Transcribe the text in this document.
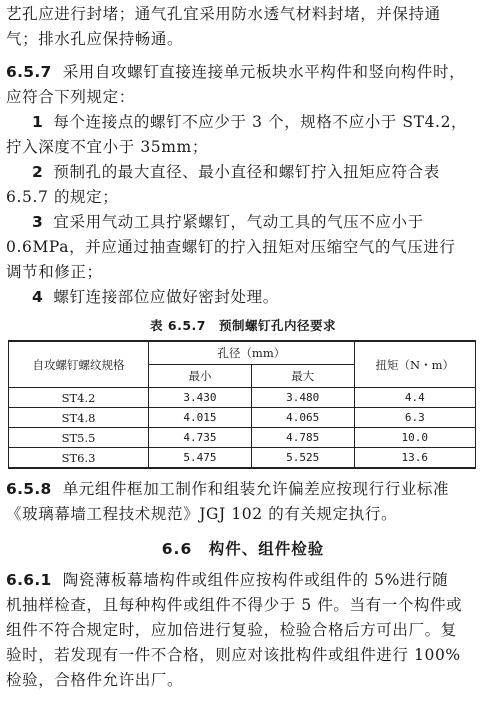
艺孔应进行封堵；通气孔宜采用防水透气材料封堵，并保持通
气；排水孔应保持畅通。
6.5.7 采用自攻螺钉直接连接单元板块水平构件和竖向构件时，
应符合下列规定：
1 每个连接点的螺钉不应少于 3 个，规格不应小于 ST4.2，
拧入深度不宜小于 35mm；
2 预制孔的最大直径、最小直径和螺钉拧入扭矩应符合表
6.5.7 的规定；
3 宜采用气动工具拧紧螺钉，气动工具的气压不应小于
0.6MPa，并应通过抽查螺钉的拧入扭矩对压缩空气的气压进行
调节和修正；
4 螺钉连接部位应做好密封处理。
表 6.5.7　预制螺钉孔内径要求
自攻螺钉螺纹规格	孔径（mm）		扭矩（N・m）
	最小	最大	
ST4.2	3.430	3.480	4.4
ST4.8	4.015	4.065	6.3
ST5.5	4.735	4.785	10.0
ST6.3	5.475	5.525	13.6
6.5.8 单元组件框加工制作和组装允许偏差应按现行行业标准
《玻璃幕墙工程技术规范》JGJ 102 的有关规定执行。
6.6　构件、组件检验
6.6.1 陶瓷薄板幕墙构件或组件应按构件或组件的 5%进行随
机抽样检查，且每种构件或组件不得少于 5 件。当有一个构件或
组件不符合规定时，应加倍进行复验，检验合格后方可出厂。复
验时，若发现有一件不合格，则应对该批构件或组件进行 100%
检验，合格件允许出厂。
